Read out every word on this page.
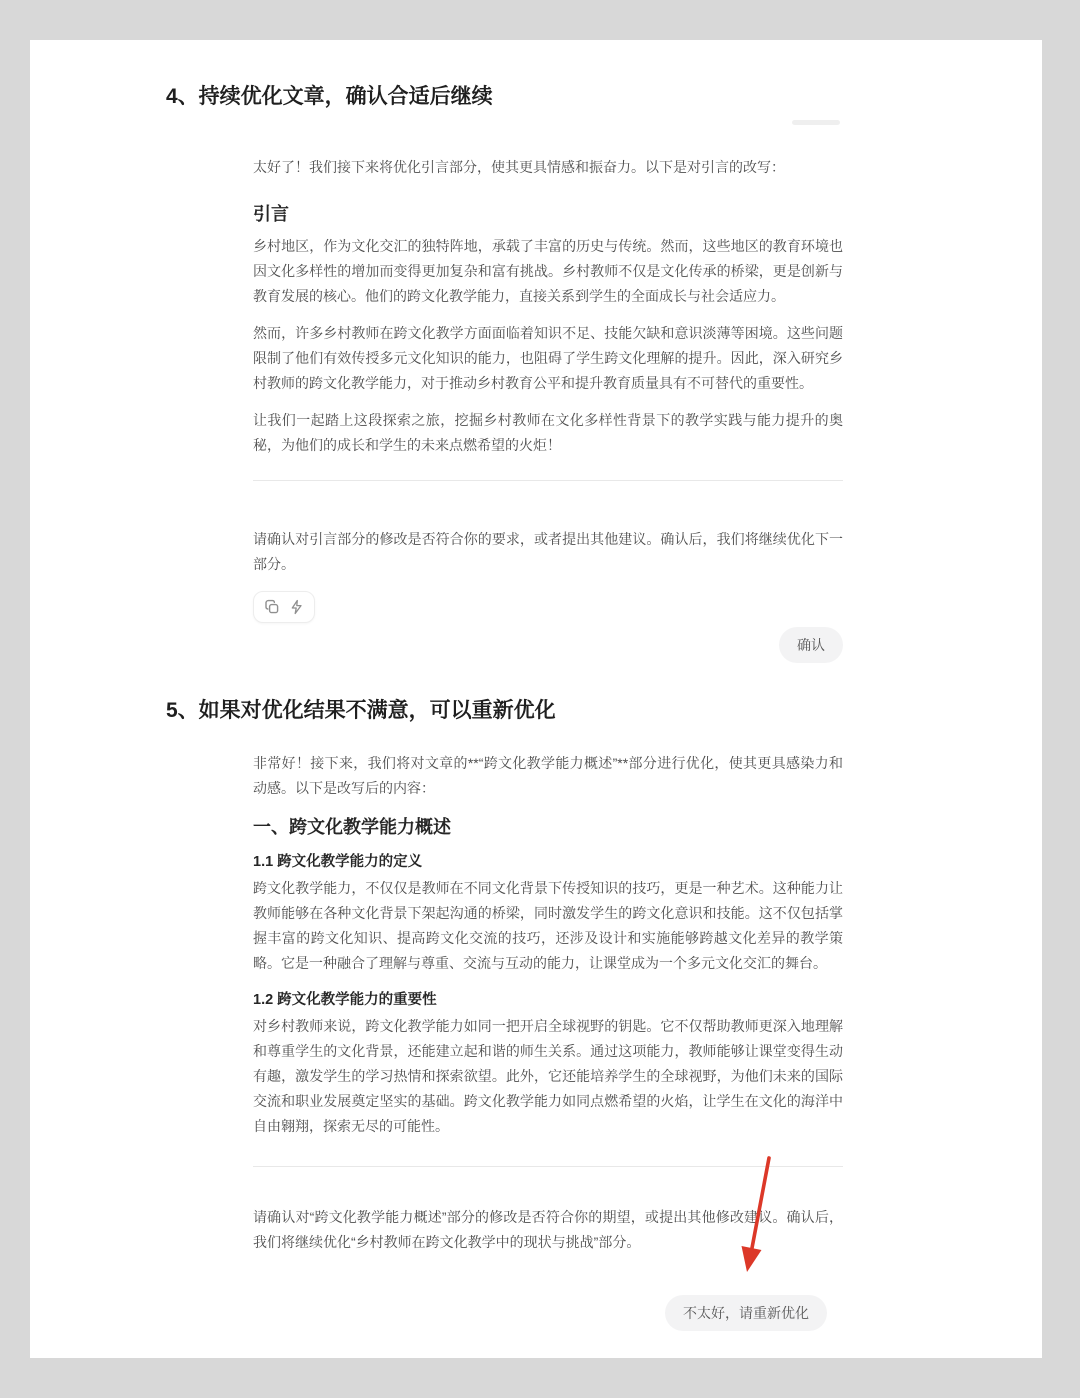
4、持续优化文章，确认合适后继续

太好了！我们接下来将优化引言部分，使其更具情感和振奋力。以下是对引言的改写：

引言

乡村地区，作为文化交汇的独特阵地，承载了丰富的历史与传统。然而，这些地区的教育环境也因文化多样性的增加而变得更加复杂和富有挑战。乡村教师不仅是文化传承的桥梁，更是创新与教育发展的核心。他们的跨文化教学能力，直接关系到学生的全面成长与社会适应力。

然而，许多乡村教师在跨文化教学方面面临着知识不足、技能欠缺和意识淡薄等困境。这些问题限制了他们有效传授多元文化知识的能力，也阻碍了学生跨文化理解的提升。因此，深入研究乡村教师的跨文化教学能力，对于推动乡村教育公平和提升教育质量具有不可替代的重要性。

让我们一起踏上这段探索之旅，挖掘乡村教师在文化多样性背景下的教学实践与能力提升的奥秘，为他们的成长和学生的未来点燃希望的火炬！

请确认对引言部分的修改是否符合你的要求，或者提出其他建议。确认后，我们将继续优化下一部分。

确认
5、如果对优化结果不满意，可以重新优化

非常好！接下来，我们将对文章的**“跨文化教学能力概述”**部分进行优化，使其更具感染力和动感。以下是改写后的内容：

一、跨文化教学能力概述
1.1 跨文化教学能力的定义

跨文化教学能力，不仅仅是教师在不同文化背景下传授知识的技巧，更是一种艺术。这种能力让教师能够在各种文化背景下架起沟通的桥梁，同时激发学生的跨文化意识和技能。这不仅包括掌握丰富的跨文化知识、提高跨文化交流的技巧，还涉及设计和实施能够跨越文化差异的教学策略。它是一种融合了理解与尊重、交流与互动的能力，让课堂成为一个多元文化交汇的舞台。

1.2 跨文化教学能力的重要性

对乡村教师来说，跨文化教学能力如同一把开启全球视野的钥匙。它不仅帮助教师更深入地理解和尊重学生的文化背景，还能建立起和谐的师生关系。通过这项能力，教师能够让课堂变得生动有趣，激发学生的学习热情和探索欲望。此外，它还能培养学生的全球视野，为他们未来的国际交流和职业发展奠定坚实的基础。跨文化教学能力如同点燃希望的火焰，让学生在文化的海洋中自由翱翔，探索无尽的可能性。

请确认对“跨文化教学能力概述”部分的修改是否符合你的期望，或提出其他修改建议。确认后，我们将继续优化“乡村教师在跨文化教学中的现状与挑战”部分。

不太好，请重新优化
